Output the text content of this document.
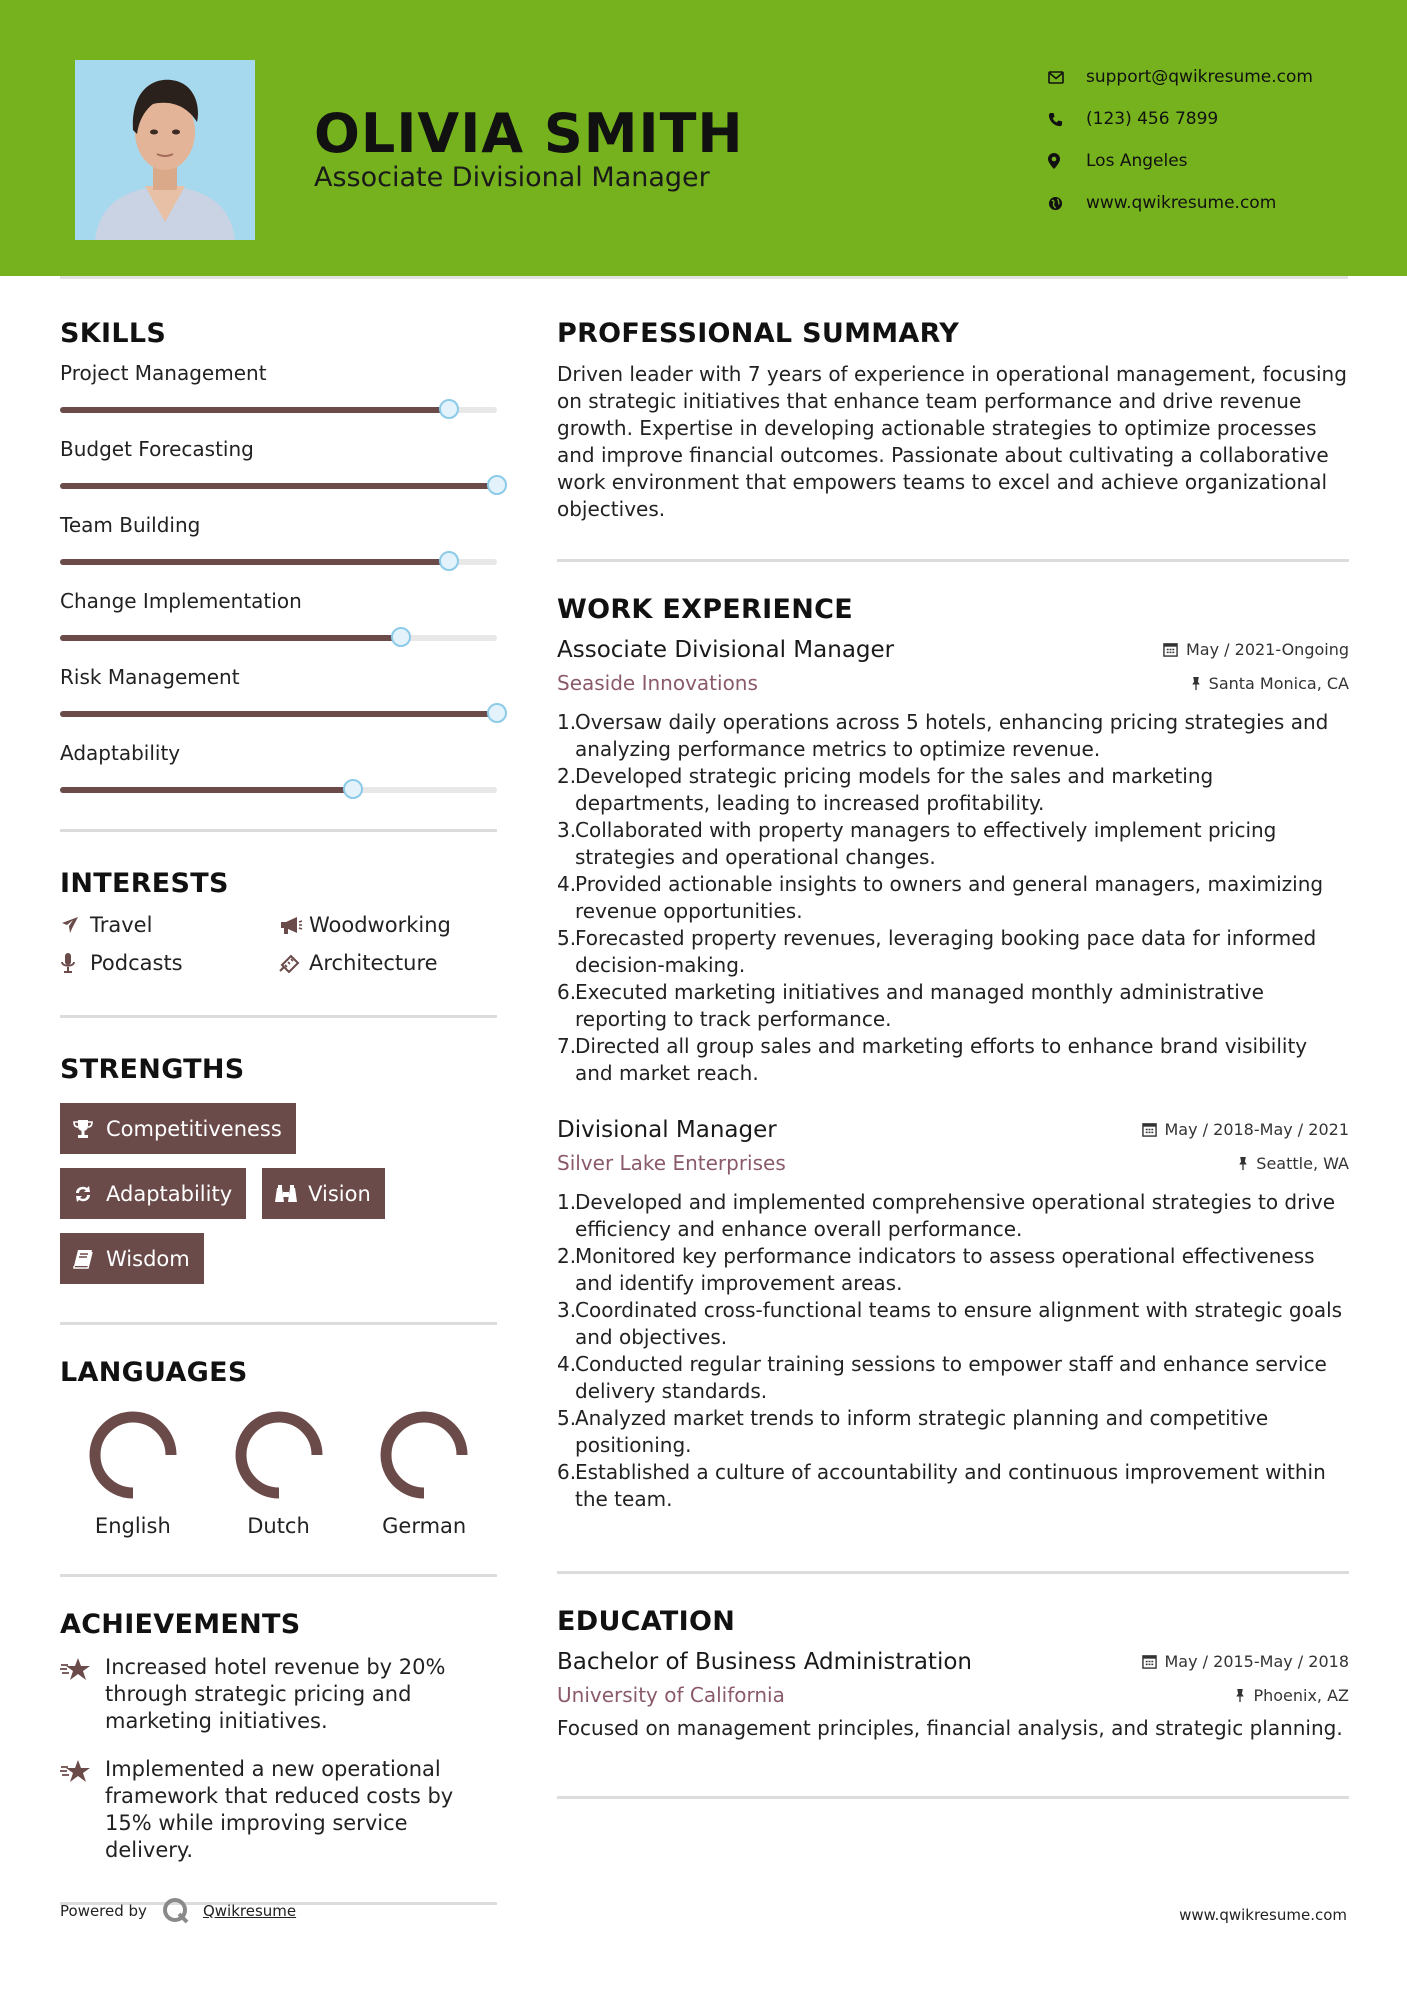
OLIVIA SMITH
Associate Divisional Manager
support@qwikresume.com
(123) 456 7899
Los Angeles
www.qwikresume.com
SKILLS
Project Management
Budget Forecasting
Team Building
Change Implementation
Risk Management
Adaptability
INTERESTS
Travel	Woodworking
Podcasts	Architecture
STRENGTHS
Competitiveness
Adaptability	Vision
Wisdom
LANGUAGES
English	Dutch	German
ACHIEVEMENTS
Increased hotel revenue by 20% through strategic pricing and marketing initiatives.
Implemented a new operational framework that reduced costs by 15% while improving service delivery.
PROFESSIONAL SUMMARY
Driven leader with 7 years of experience in operational management, focusing on strategic initiatives that enhance team performance and drive revenue growth. Expertise in developing actionable strategies to optimize processes and improve financial outcomes. Passionate about cultivating a collaborative work environment that empowers teams to excel and achieve organizational objectives.
WORK EXPERIENCE
Associate Divisional Manager	May / 2021-Ongoing
Seaside Innovations	Santa Monica, CA
1.
Oversaw daily operations across 5 hotels, enhancing pricing strategies and analyzing performance metrics to optimize revenue.
2.
Developed strategic pricing models for the sales and marketing departments, leading to increased profitability.
3.
Collaborated with property managers to effectively implement pricing strategies and operational changes.
4.
Provided actionable insights to owners and general managers, maximizing revenue opportunities.
5.
Forecasted property revenues, leveraging booking pace data for informed decision-making.
6.
Executed marketing initiatives and managed monthly administrative reporting to track performance.
7.
Directed all group sales and marketing efforts to enhance brand visibility and market reach.
Divisional Manager	May / 2018-May / 2021
Silver Lake Enterprises	Seattle, WA
1.
Developed and implemented comprehensive operational strategies to drive efficiency and enhance overall performance.
2.
Monitored key performance indicators to assess operational effectiveness and identify improvement areas.
3.
Coordinated cross-functional teams to ensure alignment with strategic goals and objectives.
4.
Conducted regular training sessions to empower staff and enhance service delivery standards.
5.
Analyzed market trends to inform strategic planning and competitive positioning.
6.
Established a culture of accountability and continuous improvement within the team.
EDUCATION
Bachelor of Business Administration	May / 2015-May / 2018
University of California	Phoenix, AZ
Focused on management principles, financial analysis, and strategic planning.
Powered by	Qwikresume	www.qwikresume.com
